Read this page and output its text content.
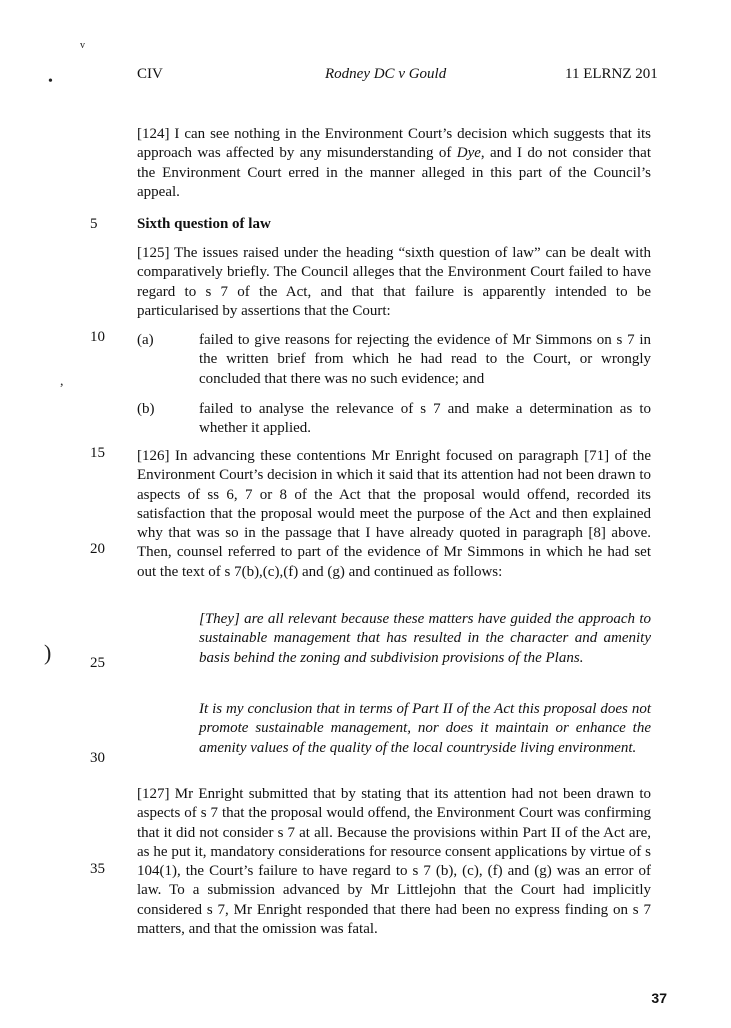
CIV	Rodney DC v Gould	11 ELRNZ 201
•
v
,
)

[124] I can see nothing in the Environment Court’s decision which suggests that its approach was affected by any misunderstanding of Dye, and I do not consider that the Environment Court erred in the manner alleged in this part of the Council’s appeal.

5	Sixth question of law

[125] The issues raised under the heading “sixth question of law” can be dealt with comparatively briefly. The Council alleges that the Environment Court failed to have regard to s 7 of the Act, and that that failure is apparently intended to be particularised by assertions that the Court:

10 (a)	failed to give reasons for rejecting the evidence of Mr Simmons on s 7 in the written brief from which he had read to the Court, or wrongly concluded that there was no such evidence; and
(b)	failed to analyse the relevance of s 7 and make a determination as to whether it applied.
15 [126] In advancing these contentions Mr Enright focused on paragraph [71] of the Environment Court’s decision in which it said that its attention had not been drawn to aspects of ss 6, 7 or 8 of the Act that the proposal would offend, recorded its satisfaction that the proposal would meet the purpose of the Act and then explained why that was so in the passage that I have already quoted in paragraph [8] above. Then, counsel referred to part of the evidence of Mr Simmons in which he had set out the text of s 7(b),(c),(f) and (g) and continued as follows:

20
[They] are all relevant because these matters have guided the approach to sustainable management that has resulted in the character and amenity basis behind the zoning and subdivision provisions of the Plans.
25
It is my conclusion that in terms of Part II of the Act this proposal does not promote sustainable management, nor does it maintain or enhance the amenity values of the quality of the local countryside living environment.
30

[127] Mr Enright submitted that by stating that its attention had not been drawn to aspects of s 7 that the proposal would offend, the Environment Court was confirming that it did not consider s 7 at all. Because the provisions within Part II of the Act are, as he put it, mandatory considerations for resource consent applications by virtue of s 104(1), the Court’s failure to have regard to s 7 (b), (c), (f) and (g) was an error of law. To a submission advanced by Mr Littlejohn that the Court had implicitly considered s 7, Mr Enright responded that there had been no express finding on s 7 matters, and that the omission was fatal.

35
37
